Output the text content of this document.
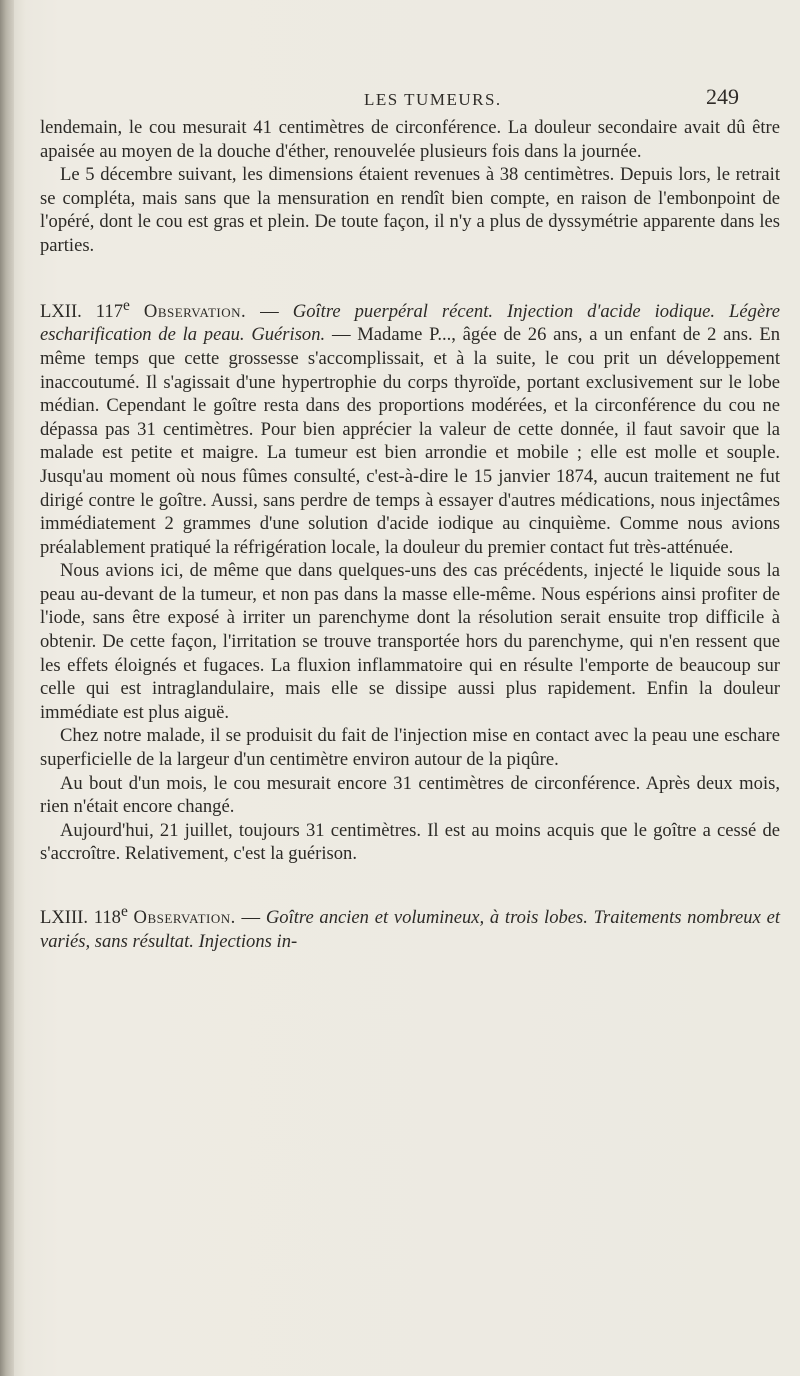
LES TUMEURS.	249

lendemain, le cou mesurait 41 centimètres de circonférence. La douleur secondaire avait dû être apaisée au moyen de la douche d'éther, renouvelée plusieurs fois dans la journée.

Le 5 décembre suivant, les dimensions étaient revenues à 38 centimètres. Depuis lors, le retrait se compléta, mais sans que la mensuration en rendît bien compte, en raison de l'embonpoint de l'opéré, dont le cou est gras et plein. De toute façon, il n'y a plus de dyssymétrie apparente dans les parties.

LXII. 117e Observation. — Goître puerpéral récent. Injection d'acide iodique. Légère escharification de la peau. Guérison. — Madame P..., âgée de 26 ans, a un enfant de 2 ans. En même temps que cette grossesse s'accomplissait, et à la suite, le cou prit un développement inaccoutumé. Il s'agissait d'une hypertrophie du corps thyroïde, portant exclusivement sur le lobe médian. Cependant le goître resta dans des proportions modérées, et la circonférence du cou ne dépassa pas 31 centimètres. Pour bien apprécier la valeur de cette donnée, il faut savoir que la malade est petite et maigre. La tumeur est bien arrondie et mobile ; elle est molle et souple. Jusqu'au moment où nous fûmes consulté, c'est-à-dire le 15 janvier 1874, aucun traitement ne fut dirigé contre le goître. Aussi, sans perdre de temps à essayer d'autres médications, nous injectâmes immédiatement 2 grammes d'une solution d'acide iodique au cinquième. Comme nous avions préalablement pratiqué la réfrigération locale, la douleur du premier contact fut très-atténuée.

Nous avions ici, de même que dans quelques-uns des cas précédents, injecté le liquide sous la peau au-devant de la tumeur, et non pas dans la masse elle-même. Nous espérions ainsi profiter de l'iode, sans être exposé à irriter un parenchyme dont la résolution serait ensuite trop difficile à obtenir. De cette façon, l'irritation se trouve transportée hors du parenchyme, qui n'en ressent que les effets éloignés et fugaces. La fluxion inflammatoire qui en résulte l'emporte de beaucoup sur celle qui est intraglandulaire, mais elle se dissipe aussi plus rapidement. Enfin la douleur immédiate est plus aiguë.

Chez notre malade, il se produisit du fait de l'injection mise en contact avec la peau une eschare superficielle de la largeur d'un centimètre environ autour de la piqûre.

Au bout d'un mois, le cou mesurait encore 31 centimètres de circonférence. Après deux mois, rien n'était encore changé.

Aujourd'hui, 21 juillet, toujours 31 centimètres. Il est au moins acquis que le goître a cessé de s'accroître. Relativement, c'est la guérison.

LXIII. 118e Observation. — Goître ancien et volumineux, à trois lobes. Traitements nombreux et variés, sans résultat. Injections in-
